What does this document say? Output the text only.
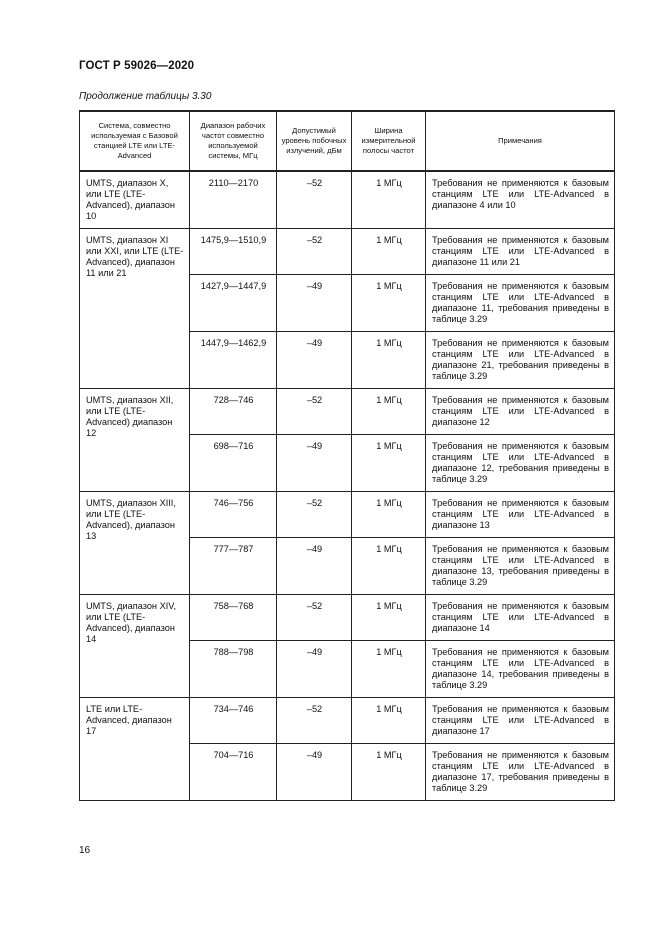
ГОСТ Р 59026—2020
Продолжение таблицы 3.30
Система, совместно используемая с Базовой станцией LTE или LTE-Advanced	Диапазон рабочих частот совместно используемой системы, МГц	Допустимый уровень побочных излучений, дБм	Ширина измерительной полосы частот	Примечания
UMTS, диапазон X, или LTE (LTE-Advanced), диапазон 10	2110—2170	–52	1 МГц	Требования не применяются к базовым станциям LTE или LTE-Advanced в диапазоне 4 или 10
UMTS, диапазон XI или XXI, или LTE (LTE-Advanced), диапазон 11 или 21	1475,9—1510,9	–52	1 МГц	Требования не применяются к базовым станциям LTE или LTE-Advanced в диапазоне 11 или 21
	1427,9—1447,9	–49	1 МГц	Требования не применяются к базовым станциям LTE или LTE-Advanced в диапазоне 11, требования приведены в таблице 3.29
	1447,9—1462,9	–49	1 МГц	Требования не применяются к базовым станциям LTE или LTE-Advanced в диапазоне 21, требования приведены в таблице 3.29
UMTS, диапазон XII, или LTE (LTE-Advanced) диапазон 12	728—746	–52	1 МГц	Требования не применяются к базовым станциям LTE или LTE-Advanced в диапазоне 12
	698—716	–49	1 МГц	Требования не применяются к базовым станциям LTE или LTE-Advanced в диапазоне 12, требования приведены в таблице 3.29
UMTS, диапазон XIII, или LTE (LTE-Advanced), диапазон 13	746—756	–52	1 МГц	Требования не применяются к базовым станциям LTE или LTE-Advanced в диапазоне 13
	777—787	–49	1 МГц	Требования не применяются к базовым станциям LTE или LTE-Advanced в диапазоне 13, требования приведены в таблице 3.29
UMTS, диапазон XIV, или LTE (LTE-Advanced), диапазон 14	758—768	–52	1 МГц	Требования не применяются к базовым станциям LTE или LTE-Advanced в диапазоне 14
	788—798	–49	1 МГц	Требования не применяются к базовым станциям LTE или LTE-Advanced в диапазоне 14, требования приведены в таблице 3.29
LTE или LTE-Advanced, диапазон 17	734—746	–52	1 МГц	Требования не применяются к базовым станциям LTE или LTE-Advanced в диапазоне 17
	704—716	–49	1 МГц	Требования не применяются к базовым станциям LTE или LTE-Advanced в диапазоне 17, требования приведены в таблице 3.29
16
